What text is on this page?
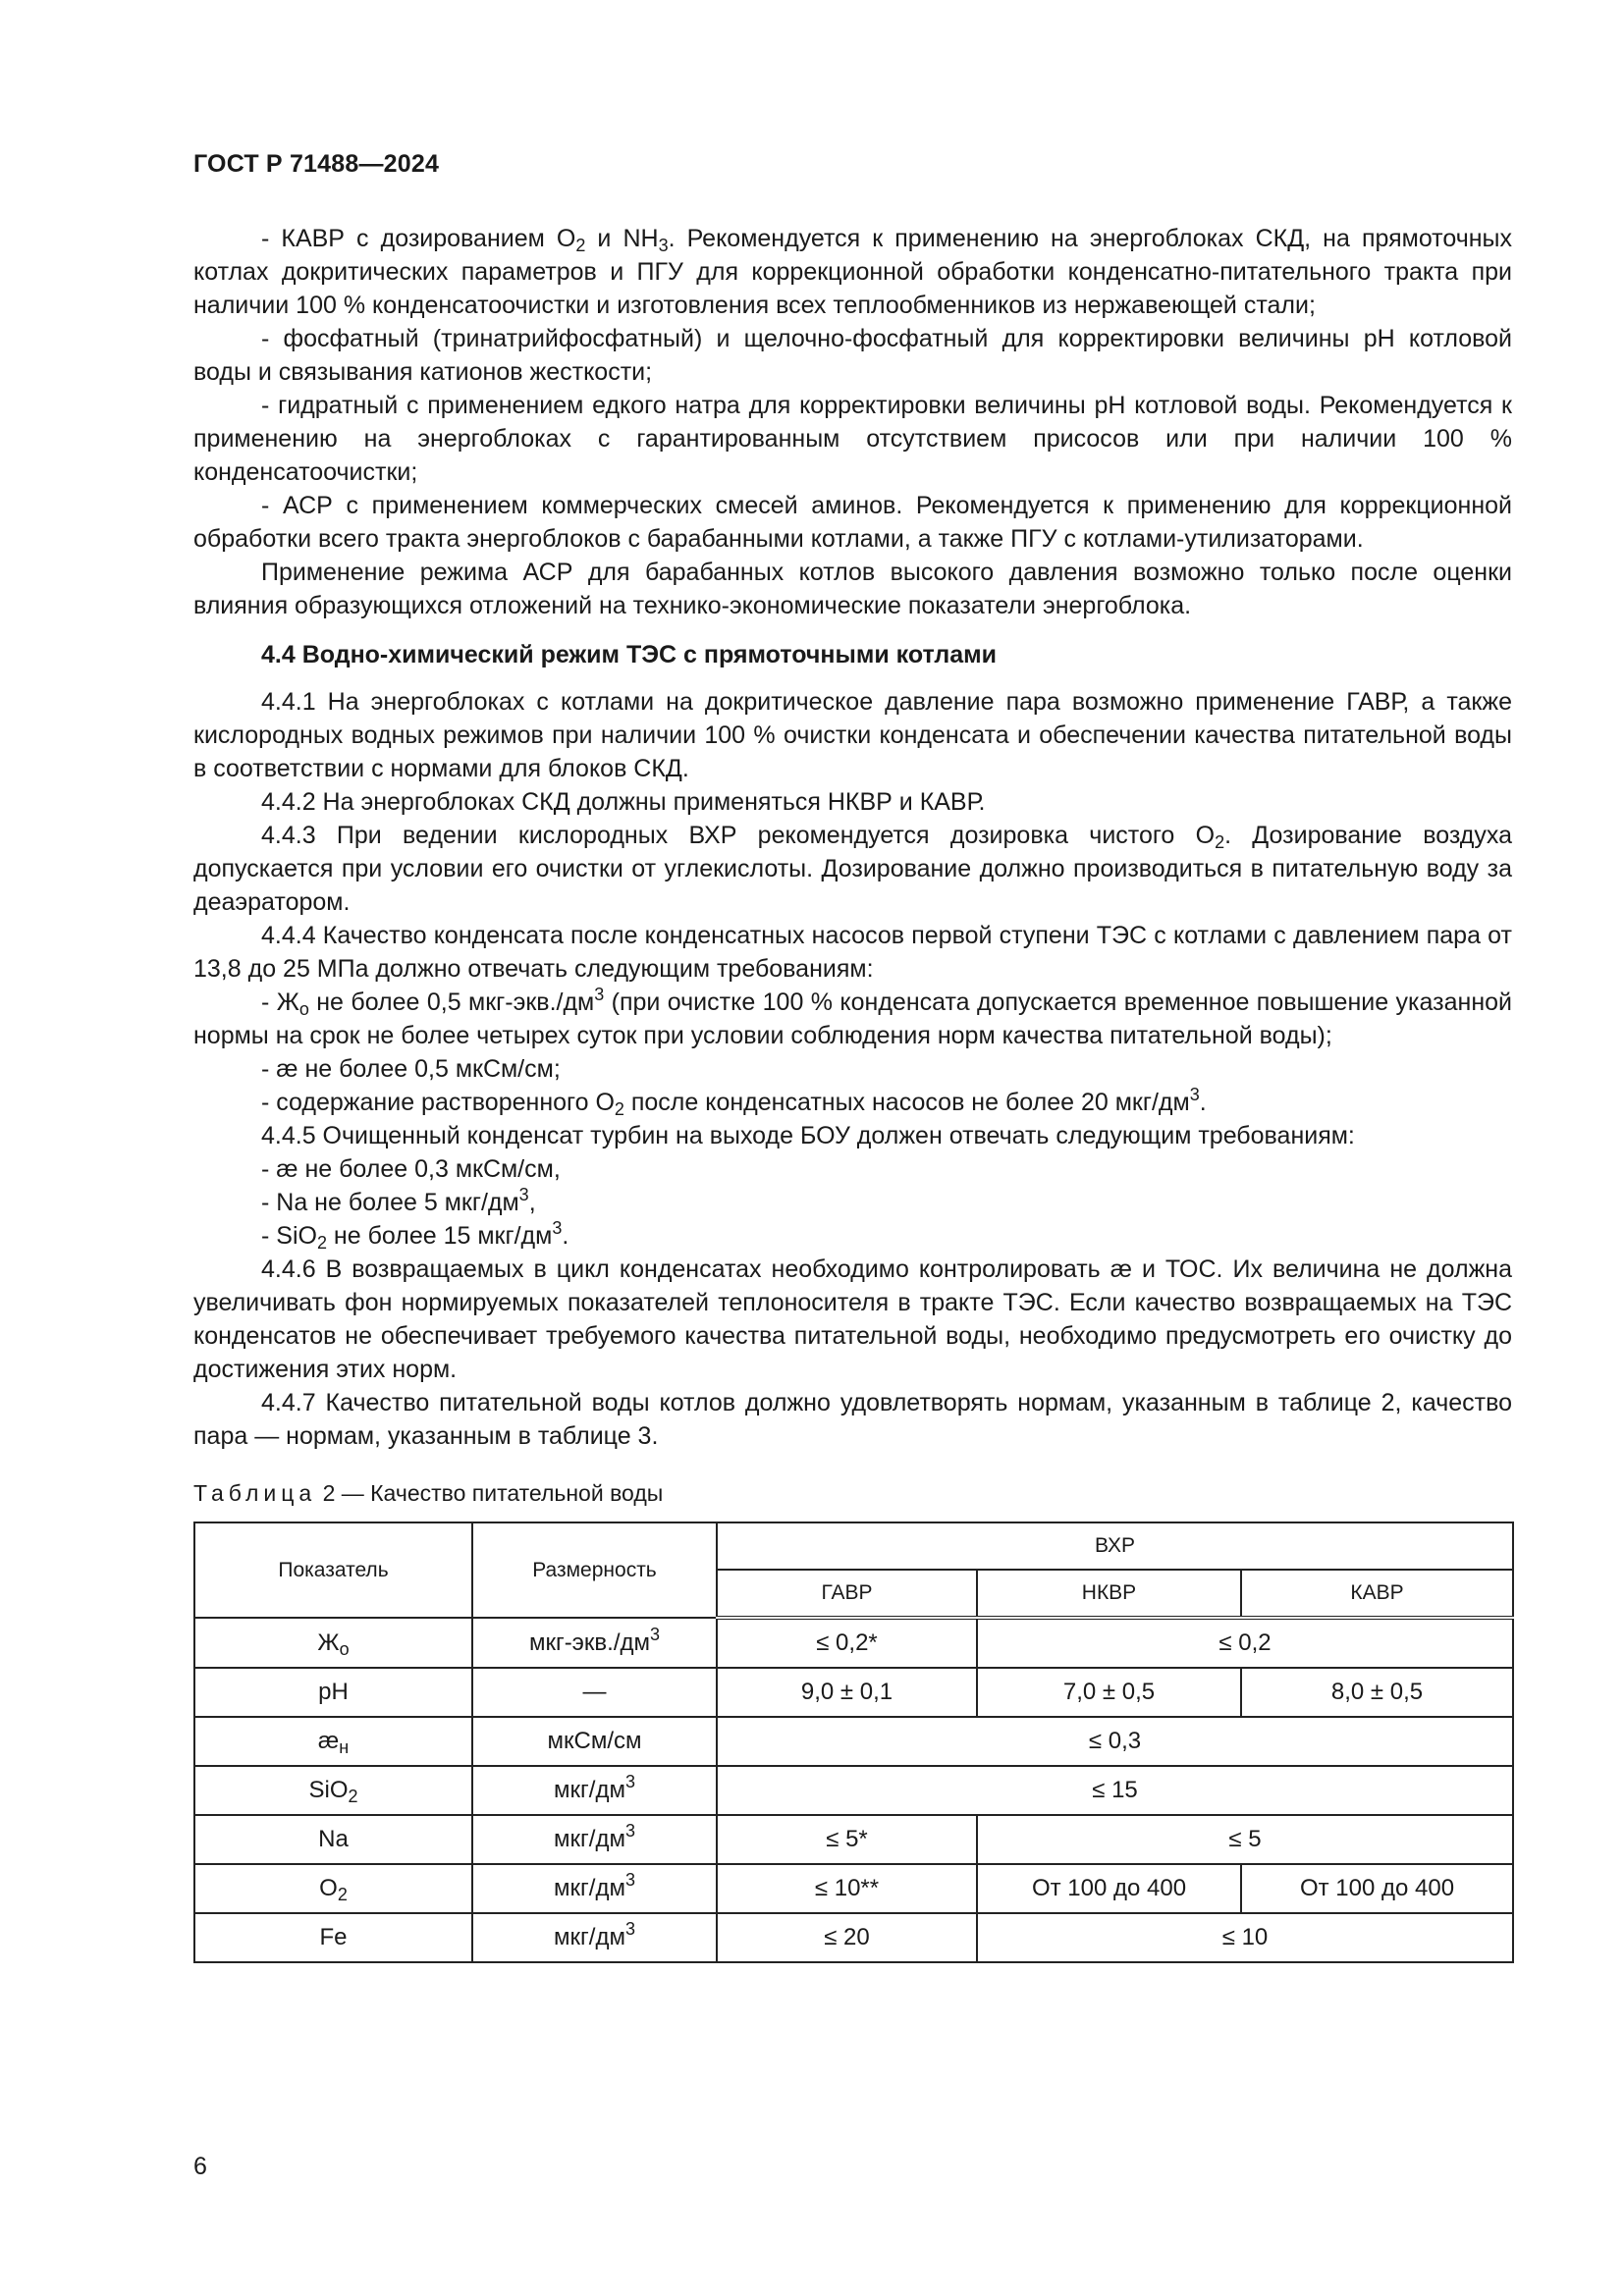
ГОСТ Р 71488—2024

- КАВР с дозированием $O_2$ и $NH_3$. Рекомендуется к применению на энергоблоках СКД, на прямоточных котлах докритических параметров и ПГУ для коррекционной обработки конденсатно-питательного тракта при наличии 100 % конденсатоочистки и изготовления всех теплообменников из нержавеющей стали;

- фосфатный (тринатрийфосфатный) и щелочно-фосфатный для корректировки величины pH котловой воды и связывания катионов жесткости;

- гидратный с применением едкого натра для корректировки величины pH котловой воды. Рекомендуется к применению на энергоблоках с гарантированным отсутствием присосов или при наличии 100 % конденсатоочистки;

- АСР с применением коммерческих смесей аминов. Рекомендуется к применению для коррекционной обработки всего тракта энергоблоков с барабанными котлами, а также ПГУ с котлами-утилизаторами.

Применение режима АСР для барабанных котлов высокого давления возможно только после оценки влияния образующихся отложений на технико-экономические показатели энергоблока.

4.4 Водно-химический режим ТЭС с прямоточными котлами

4.4.1 На энергоблоках с котлами на докритическое давление пара возможно применение ГАВР, а также кислородных водных режимов при наличии 100 % очистки конденсата и обеспечении качества питательной воды в соответствии с нормами для блоков СКД.

4.4.2 На энергоблоках СКД должны применяться НКВР и КАВР.

4.4.3 При ведении кислородных ВХР рекомендуется дозировка чистого $O_2$. Дозирование воздуха допускается при условии его очистки от углекислоты. Дозирование должно производиться в питательную воду за деаэратором.

4.4.4 Качество конденсата после конденсатных насосов первой ступени ТЭС с котлами с давлением пара от 13,8 до 25 МПа должно отвечать следующим требованиям:

- $Ж_о$ не более 0,5 мкг-$экв./дм^3$ (при очистке 100 % конденсата допускается временное повышение указанной нормы на срок не более четырех суток при условии соблюдения норм качества питательной воды);

- æ не более 0,5 мкСм/см;

- содержание растворенного $O_2$ после конденсатных насосов не более 20 мкг/$дм^3$.

4.4.5 Очищенный конденсат турбин на выходе БОУ должен отвечать следующим требованиям:

- æ не более 0,3 мкСм/см,

- Na не более 5 мкг/$дм^3$,

- SiO$_2$ не более 15 мкг/$дм^3$.

4.4.6 В возвращаемых в цикл конденсатах необходимо контролировать æ и ТОС. Их величина не должна увеличивать фон нормируемых показателей теплоносителя в тракте ТЭС. Если качество возвращаемых на ТЭС конденсатов не обеспечивает требуемого качества питательной воды, необходимо предусмотреть его очистку до достижения этих норм.

4.4.7 Качество питательной воды котлов должно удовлетворять нормам, указанным в таблице 2, качество пара — нормам, указанным в таблице 3.

Таблица 2 — Качество питательной воды
Показатель	Размерность	ВХР		
		ГАВР	НКВР	КАВР
$Ж_о$	мкг-$экв./дм^3$	≤ 0,2*	≤ 0,2	
pH	—	9,0 ± 0,1	7,0 ± 0,5	8,0 ± 0,5
$æ_н$	мкСм/см	≤ 0,3		
SiO$_2$	мкг/$дм^3$	≤ 15		
Na	мкг/$дм^3$	≤ 5*	≤ 5	
$O_2$	мкг/$дм^3$	≤ 10**	От 100 до 400	От 100 до 400
Fe	мкг/$дм^3$	≤ 20	≤ 10	
6
